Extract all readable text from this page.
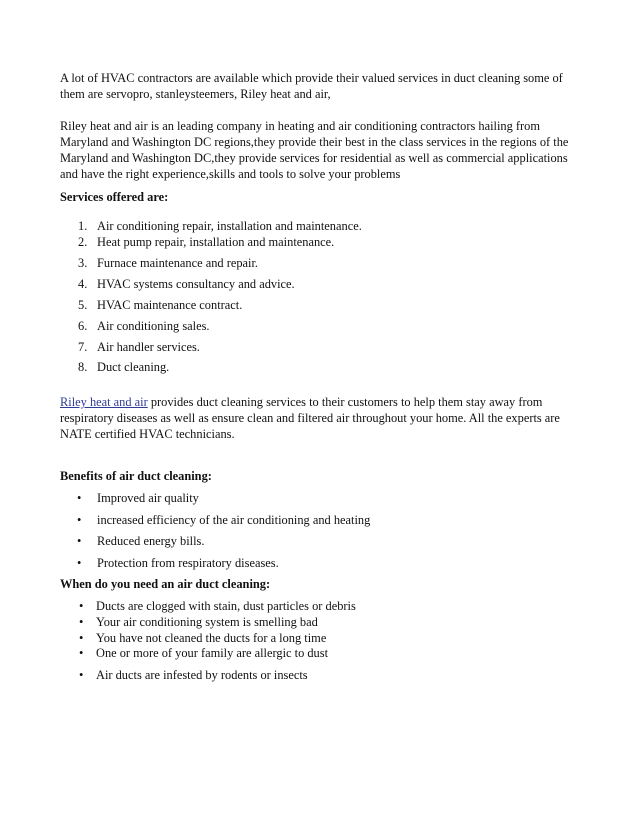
A lot of HVAC contractors are available which provide their valued services in duct cleaning some of

them are servopro, stanleysteemers, Riley heat and air,

Riley heat and air is an leading company in heating and air conditioning contractors hailing from

Maryland and Washington DC regions,they provide their best in the class services in the regions of the

Maryland and Washington DC,they provide services for residential as well as commercial applications

and have the right experience,skills and tools to solve your problems

Services offered are:
1. Air conditioning repair, installation and maintenance.
2. Heat pump repair, installation and maintenance.
3. Furnace maintenance and repair.
4. HVAC systems consultancy and advice.
5. HVAC maintenance contract.
6. Air conditioning sales.
7. Air handler services.
8. Duct cleaning.

Riley heat and air provides duct cleaning services to their customers to help them stay away from

respiratory diseases as well as ensure clean and filtered air throughout your home. All the experts are

NATE certified HVAC technicians.

Benefits of air duct cleaning:
• Improved air quality
• increased efficiency of the air conditioning and heating
• Reduced energy bills.
• Protection from respiratory diseases.
When do you need an air duct cleaning:
• Ducts are clogged with stain, dust particles or debris
• Your air conditioning system is smelling bad
• You have not cleaned the ducts for a long time
• One or more of your family are allergic to dust
• Air ducts are infested by rodents or insects
